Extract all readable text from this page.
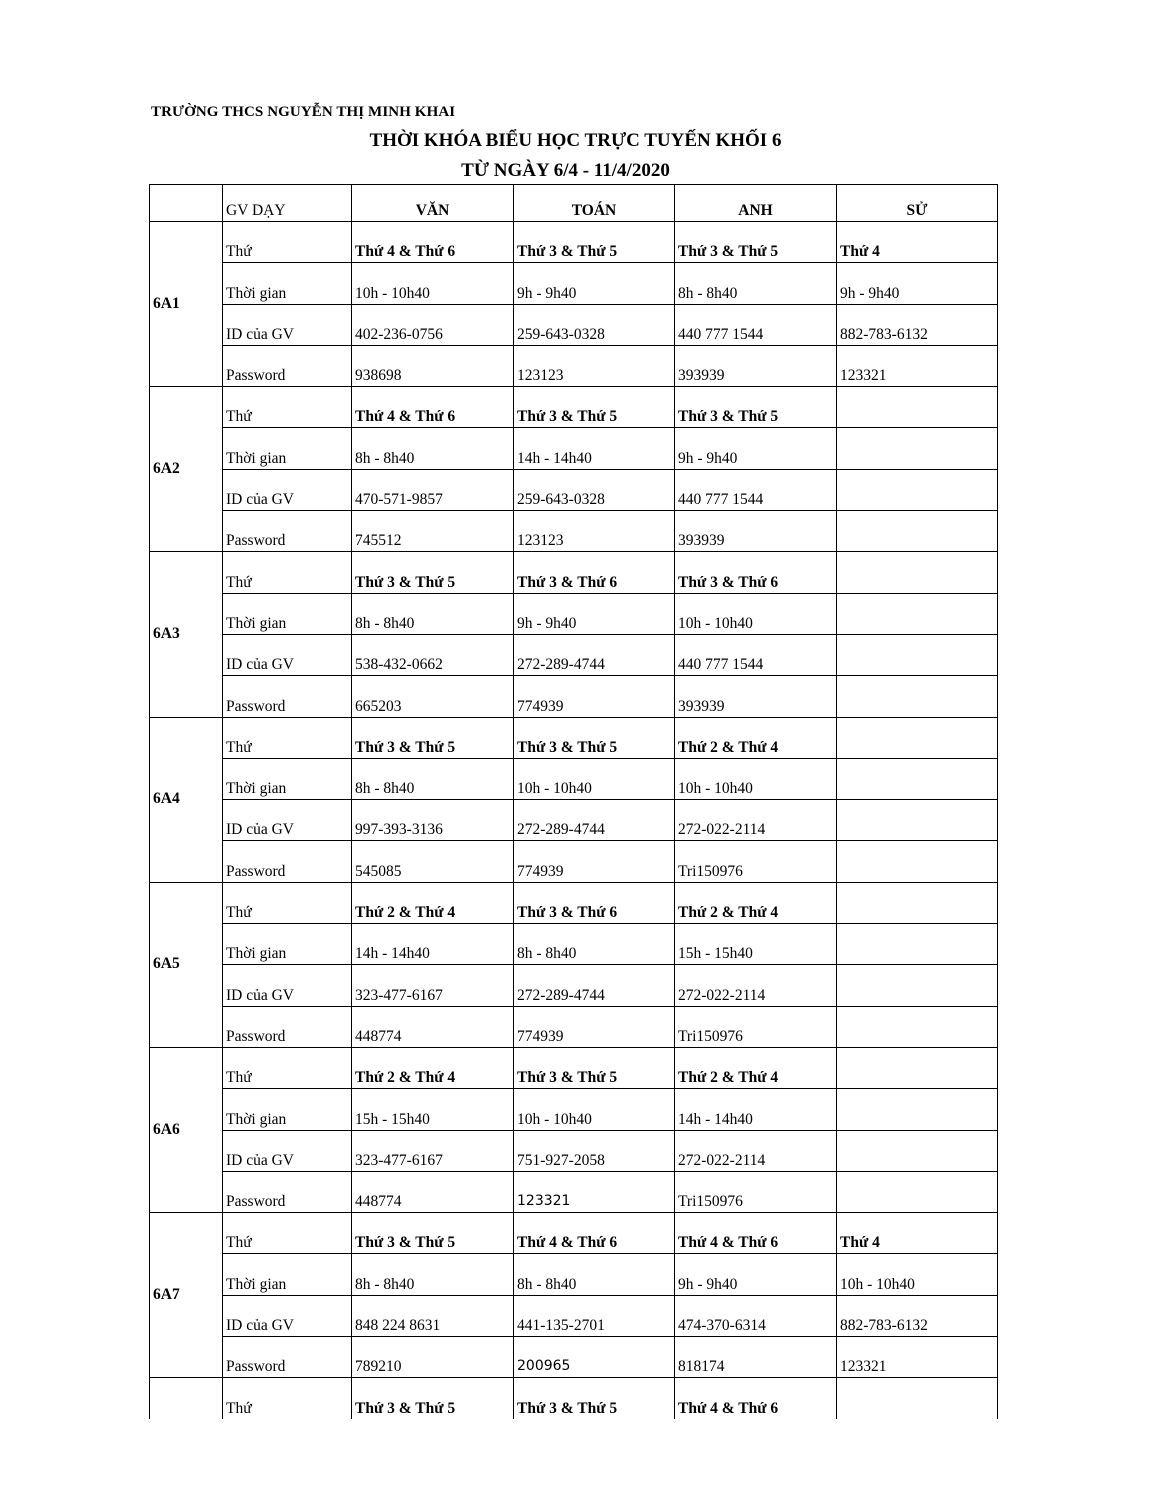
TRƯỜNG THCS NGUYỄN THỊ MINH KHAI
THỜI KHÓA BIỂU HỌC TRỰC TUYẾN KHỐI 6
TỪ NGÀY 6/4 - 11/4/2020
	GV DẠY	VĂN	TOÁN	ANH	SỬ
6A1	Thứ	Thứ 4 & Thứ 6	Thứ 3 & Thứ 5	Thứ 3 & Thứ 5	Thứ 4
	Thời gian	10h - 10h40	9h - 9h40	8h - 8h40	9h - 9h40
	ID của GV	402-236-0756	259-643-0328	440 777 1544	882-783-6132
	Password	938698	123123	393939	123321
6A2	Thứ	Thứ 4 & Thứ 6	Thứ 3 & Thứ 5	Thứ 3 & Thứ 5	
	Thời gian	8h - 8h40	14h - 14h40	9h - 9h40	
	ID của GV	470-571-9857	259-643-0328	440 777 1544	
	Password	745512	123123	393939	
6A3	Thứ	Thứ 3 & Thứ 5	Thứ 3 & Thứ 6	Thứ 3 & Thứ 6	
	Thời gian	8h - 8h40	9h - 9h40	10h - 10h40	
	ID của GV	538-432-0662	272-289-4744	440 777 1544	
	Password	665203	774939	393939	
6A4	Thứ	Thứ 3 & Thứ 5	Thứ 3 & Thứ 5	Thứ 2 & Thứ 4	
	Thời gian	8h - 8h40	10h - 10h40	10h - 10h40	
	ID của GV	997-393-3136	272-289-4744	272-022-2114	
	Password	545085	774939	Tri150976	
6A5	Thứ	Thứ 2 & Thứ 4	Thứ 3 & Thứ 6	Thứ 2 & Thứ 4	
	Thời gian	14h - 14h40	8h - 8h40	15h - 15h40	
	ID của GV	323-477-6167	272-289-4744	272-022-2114	
	Password	448774	774939	Tri150976	
6A6	Thứ	Thứ 2 & Thứ 4	Thứ 3 & Thứ 5	Thứ 2 & Thứ 4	
	Thời gian	15h - 15h40	10h - 10h40	14h - 14h40	
	ID của GV	323-477-6167	751-927-2058	272-022-2114	
	Password	448774	123321	Tri150976	
6A7	Thứ	Thứ 3 & Thứ 5	Thứ 4 & Thứ 6	Thứ 4 & Thứ 6	Thứ 4
	Thời gian	8h - 8h40	8h - 8h40	9h - 9h40	10h - 10h40
	ID của GV	848 224 8631	441-135-2701	474-370-6314	882-783-6132
	Password	789210	200965	818174	123321
	Thứ	Thứ 3 & Thứ 5	Thứ 3 & Thứ 5	Thứ 4 & Thứ 6	
